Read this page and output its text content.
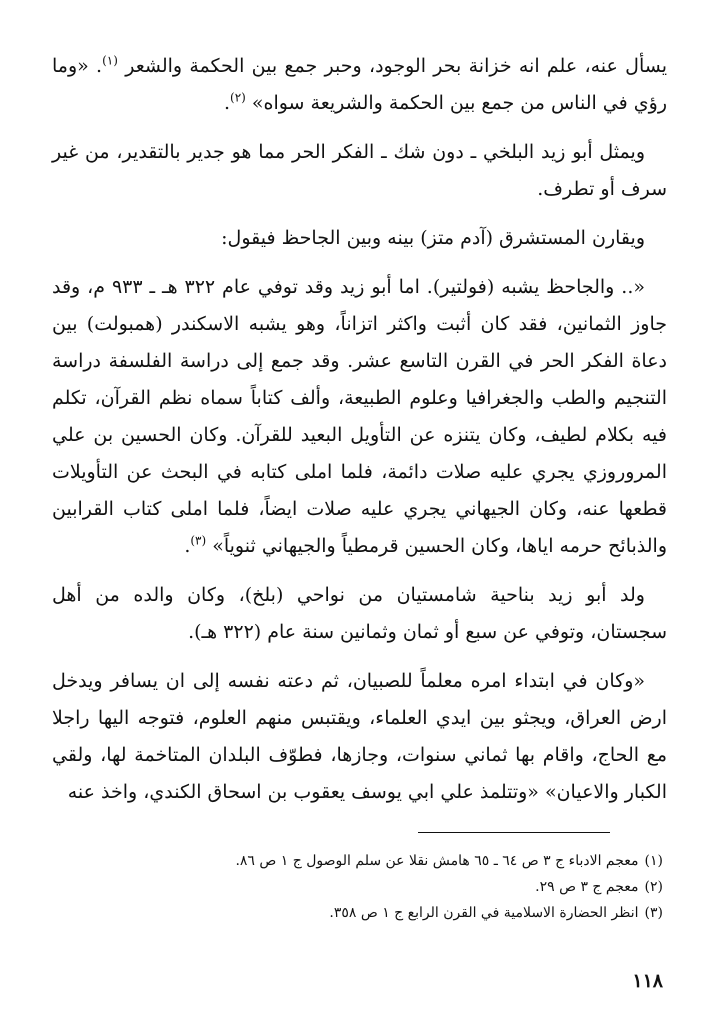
يسأل عنه، علم انه خزانة بحر الوجود، وحبر جمع بين الحكمة والشعر $^{(١)}$. «وما رؤي في الناس من جمع بين الحكمة والشريعة سواه» $^{(٢)}$.

ويمثل أبو زيد البلخي ـ دون شك ـ الفكر الحر مما هو جدير بالتقدير، من غير سرف أو تطرف.

ويقارن المستشرق (آدم متز) بينه وبين الجاحظ فيقول:

«.. والجاحظ يشبه (فولتير). اما أبو زيد وقد توفي عام ٣٢٢ هـ ـ ٩٣٣ م، وقد جاوز الثمانين، فقد كان أثبت واكثر اتزاناً، وهو يشبه الاسكندر (همبولت) بين دعاة الفكر الحر في القرن التاسع عشر. وقد جمع إلى دراسة الفلسفة دراسة التنجيم والطب والجغرافيا وعلوم الطبيعة، وألف كتاباً سماه نظم القرآن، تكلم فيه بكلام لطيف، وكان يتنزه عن التأويل البعيد للقرآن. وكان الحسين بن علي المروروزي يجري عليه صلات دائمة، فلما املى كتابه في البحث عن التأويلات قطعها عنه، وكان الجيهاني يجري عليه صلات ايضاً، فلما املى كتاب القرابين والذبائح حرمه اياها، وكان الحسين قرمطياً والجيهاني ثنوياً» $^{(٣)}$.

ولد أبو زيد بناحية شامستيان من نواحي (بلخ)، وكان والده من أهل سجستان، وتوفي عن سبع أو ثمان وثمانين سنة عام (٣٢٢ هـ).

«وكان في ابتداء امره معلماً للصبيان، ثم دعته نفسه إلى ان يسافر ويدخل ارض العراق، ويجثو بين ايدي العلماء، ويقتبس منهم العلوم، فتوجه اليها راجلا مع الحاج، واقام بها ثماني سنوات، وجازها، فطوّف البلدان المتاخمة لها، ولقي الكبار والاعيان» «وتتلمذ علي ابي يوسف يعقوب بن اسحاق الكندي، واخذ عنه

(١)معجم الادباء ج ٣ ص ٦٤ ـ ٦٥ هامش نقلا عن سلم الوصول ج ١ ص ٨٦.

(٢)معجم ج ٣ ص ٢٩.

(٣)انظر الحضارة الاسلامية في القرن الرابع ج ١ ص ٣٥٨.

١١٨
